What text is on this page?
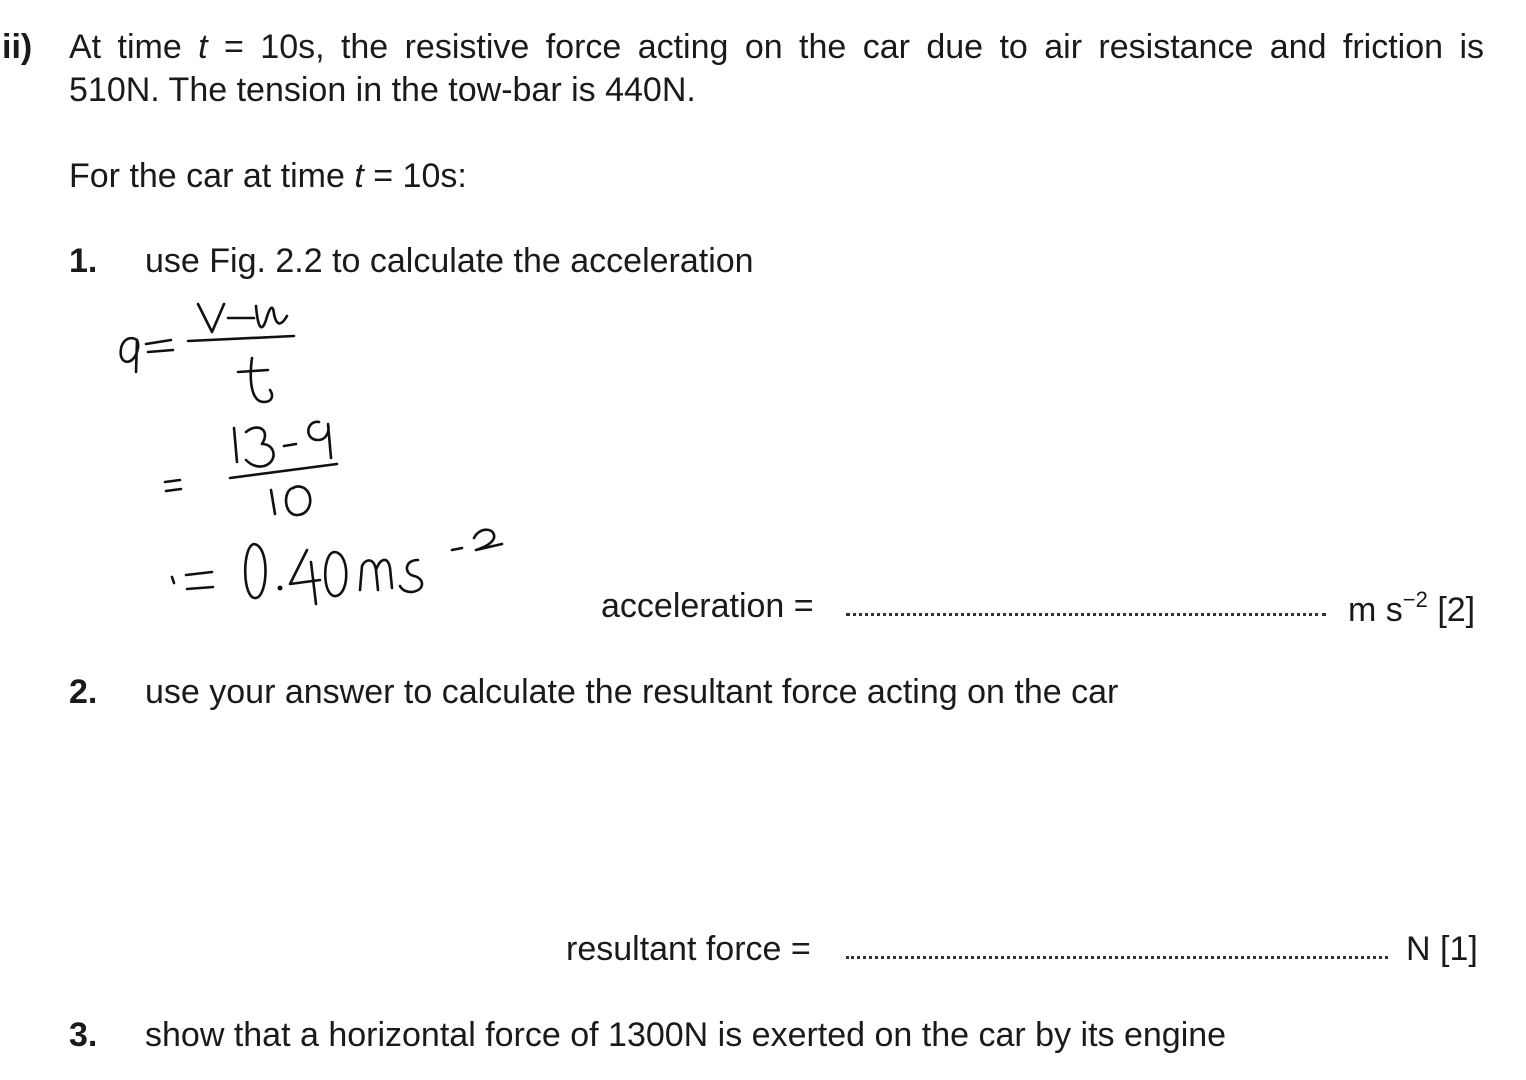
ii) At time t = 10s, the resistive force acting on the car due to air resistance and friction is
510N. The tension in the tow-bar is 440N.
For the car at time t = 10s:
1. use Fig. 2.2 to calculate the acceleration
acceleration =	m $s^{-2}$ [2]
2. use your answer to calculate the resultant force acting on the car
resultant force =	N [1]
3. show that a horizontal force of 1300N is exerted on the car by its engine
